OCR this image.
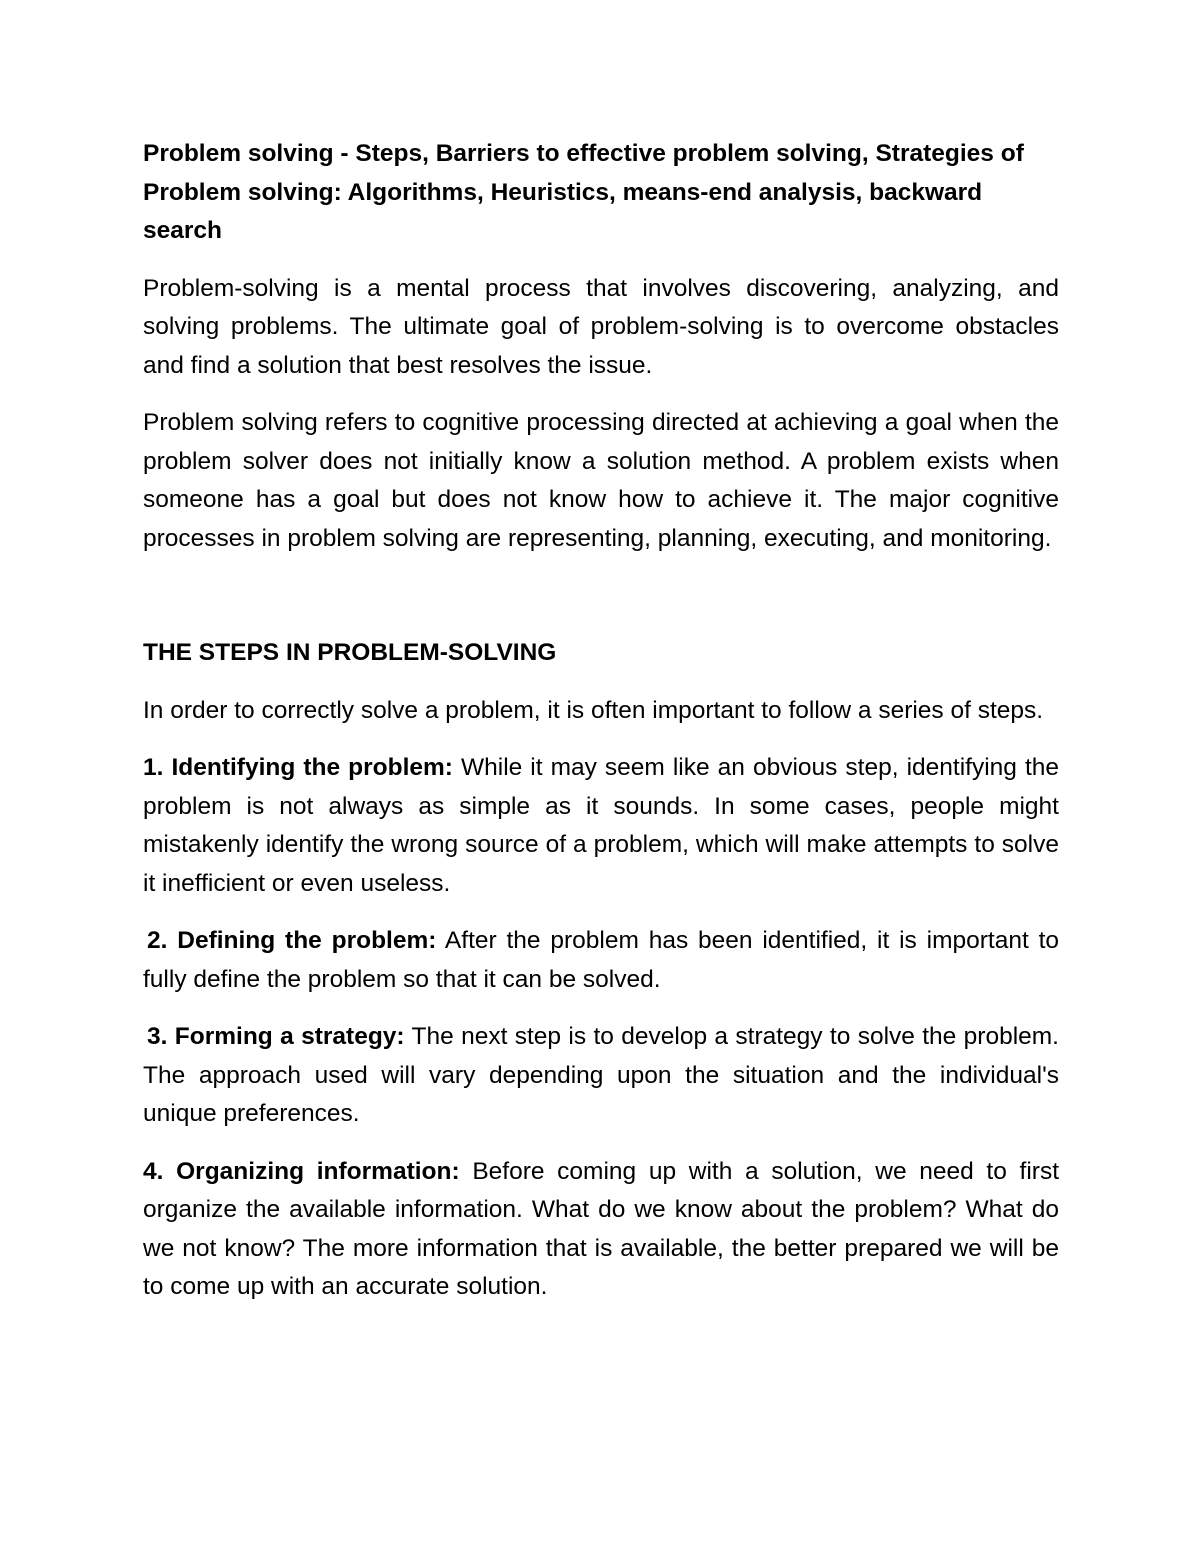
Problem solving - Steps, Barriers to effective problem solving, Strategies of Problem solving: Algorithms, Heuristics, means-end analysis, backward search

Problem-solving is a mental process that involves discovering, analyzing, and solving problems. The ultimate goal of problem-solving is to overcome obstacles and find a solution that best resolves the issue.

Problem solving refers to cognitive processing directed at achieving a goal when the problem solver does not initially know a solution method. A problem exists when someone has a goal but does not know how to achieve it. The major cognitive processes in problem solving are representing, planning, executing, and monitoring.

THE STEPS IN PROBLEM-SOLVING

In order to correctly solve a problem, it is often important to follow a series of steps.

1. Identifying the problem: While it may seem like an obvious step, identifying the problem is not always as simple as it sounds. In some cases, people might mistakenly identify the wrong source of a problem, which will make attempts to solve it inefficient or even useless.

2. Defining the problem: After the problem has been identified, it is important to fully define the problem so that it can be solved.

3. Forming a strategy: The next step is to develop a strategy to solve the problem. The approach used will vary depending upon the situation and the individual's unique preferences.

4. Organizing information: Before coming up with a solution, we need to first organize the available information. What do we know about the problem? What do we not know? The more information that is available, the better prepared we will be to come up with an accurate solution.
